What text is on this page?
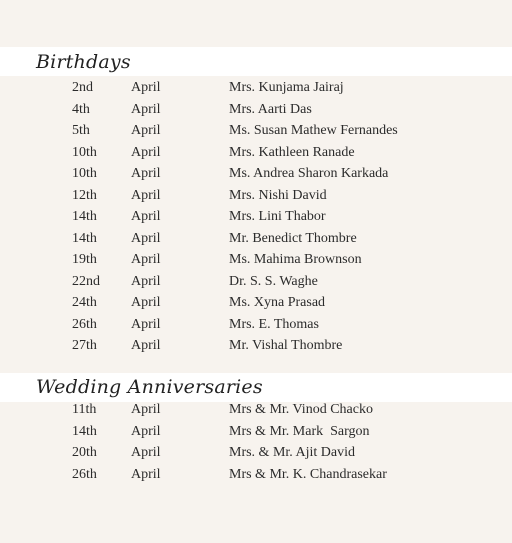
Birthdays
2nd	April	Mrs. Kunjama Jairaj
4th	April	Mrs. Aarti Das
5th	April	Ms. Susan Mathew Fernandes
10th April	Mrs. Kathleen Ranade
10th April	Ms. Andrea Sharon Karkada
12th April	Mrs. Nishi David
14th April	Mrs. Lini Thabor
14th April	Mr. Benedict Thombre
19th April	Ms. Mahima Brownson
22nd April	Dr. S. S. Waghe
24th April	Ms. Xyna Prasad
26th April	Mrs. E. Thomas
27th April	Mr. Vishal Thombre
Wedding Anniversaries
11th April	Mrs & Mr. Vinod Chacko
14th April	Mrs & Mr. Mark  Sargon
20th April	Mrs. & Mr. Ajit David
26th April	Mrs & Mr. K. Chandrasekar
